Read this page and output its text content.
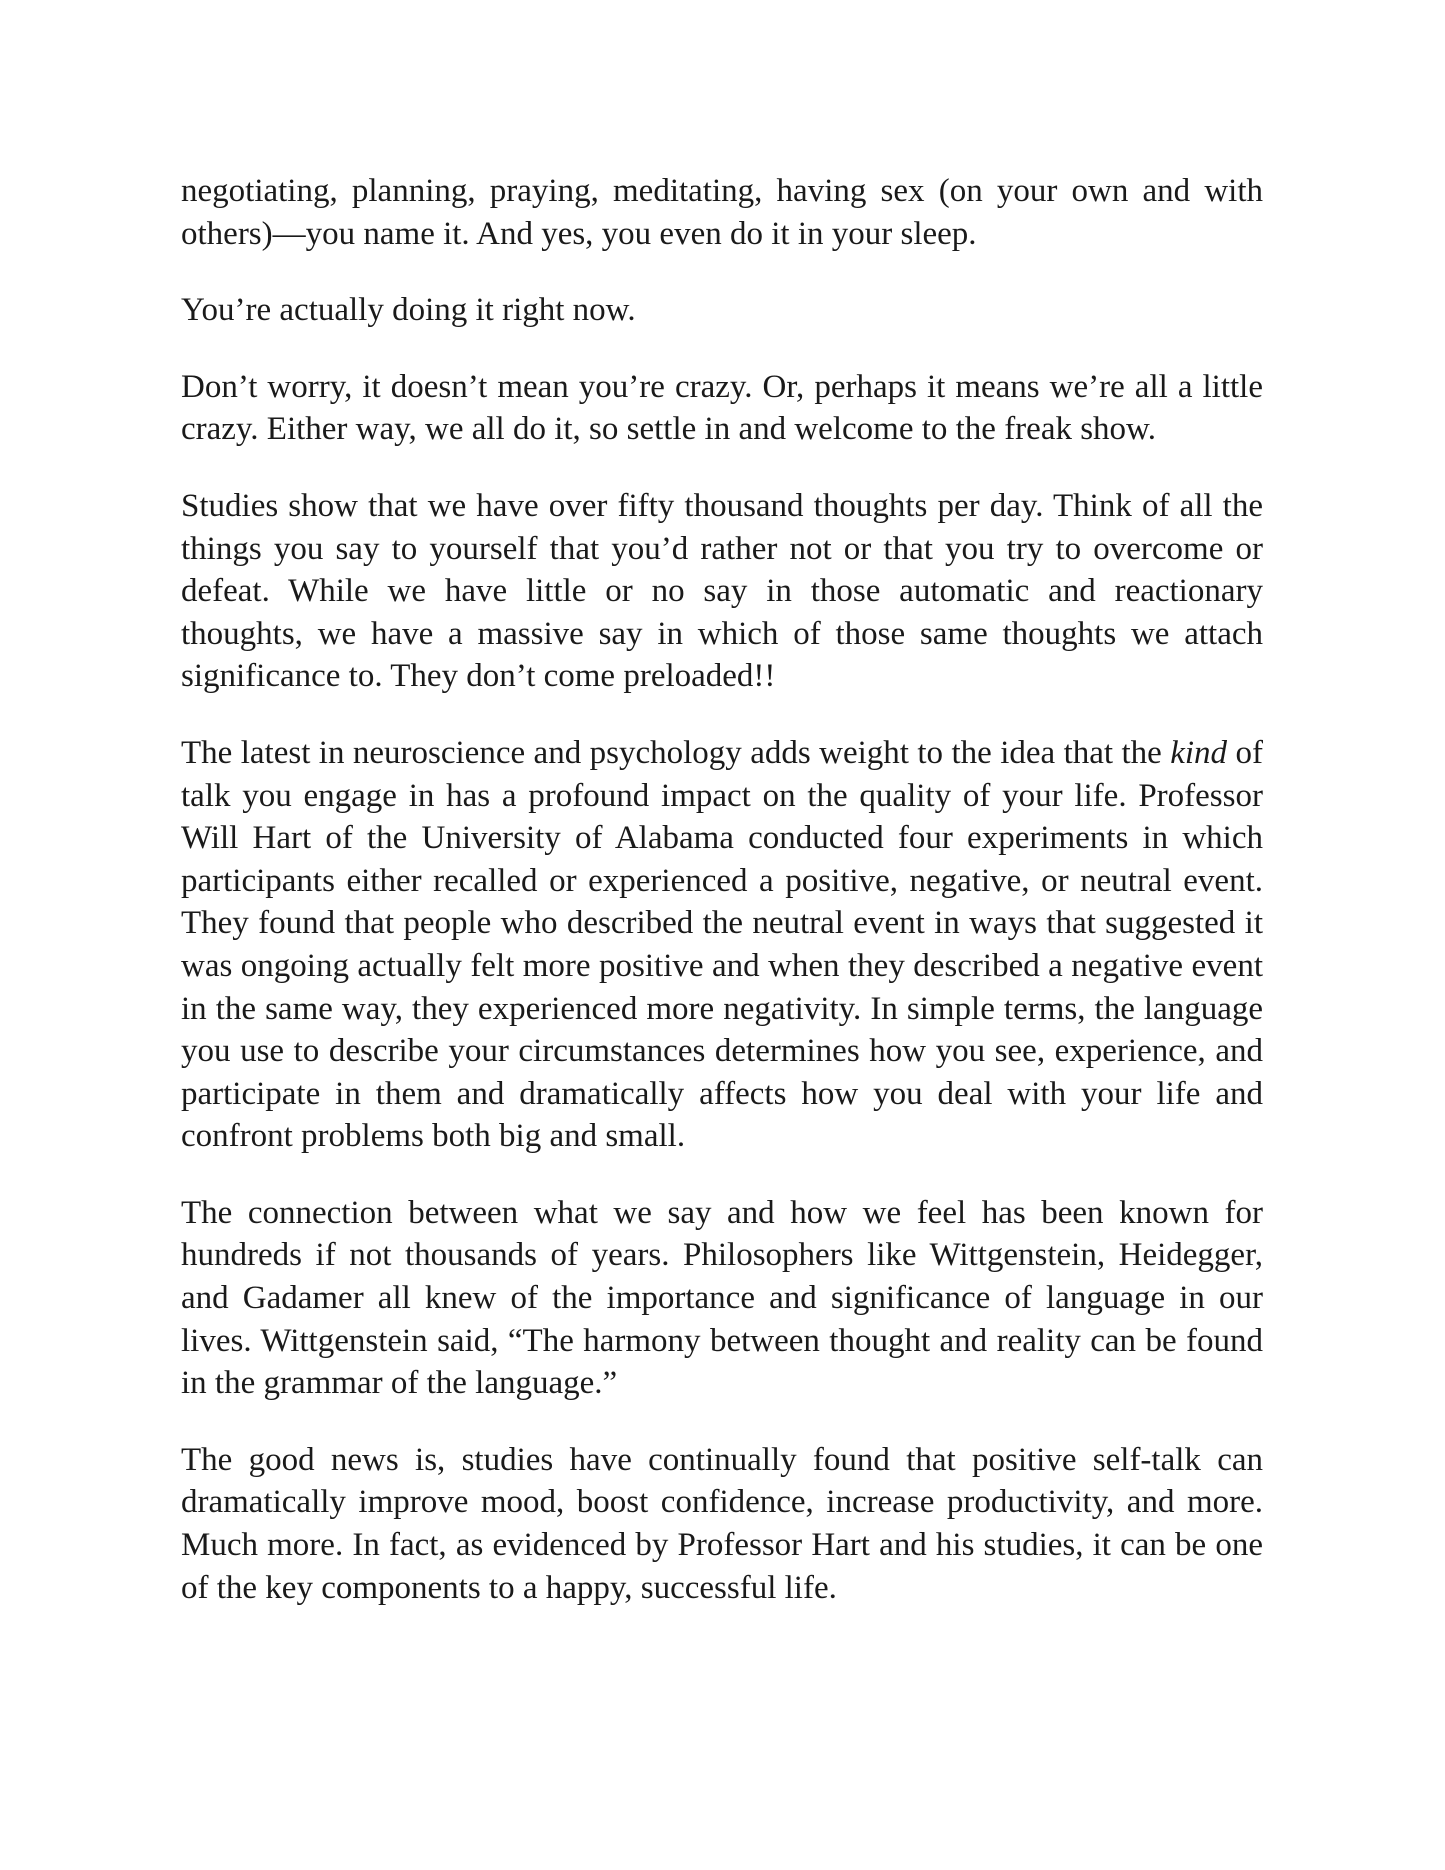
negotiating, planning, praying, meditating, having sex (on your own and with others)—you name it. And yes, you even do it in your sleep.

You’re actually doing it right now.

Don’t worry, it doesn’t mean you’re crazy. Or, perhaps it means we’re all a little crazy. Either way, we all do it, so settle in and welcome to the freak show.

Studies show that we have over fifty thousand thoughts per day. Think of all the things you say to yourself that you’d rather not or that you try to overcome or defeat. While we have little or no say in those automatic and reactionary thoughts, we have a massive say in which of those same thoughts we attach significance to. They don’t come preloaded!!

The latest in neuroscience and psychology adds weight to the idea that the kind of talk you engage in has a profound impact on the quality of your life. Professor Will Hart of the University of Alabama conducted four experiments in which participants either recalled or experienced a positive, negative, or neutral event. They found that people who described the neutral event in ways that suggested it was ongoing actually felt more positive and when they described a negative event in the same way, they experienced more negativity. In simple terms, the language you use to describe your circumstances determines how you see, experience, and participate in them and dramatically affects how you deal with your life and confront problems both big and small.

The connection between what we say and how we feel has been known for hundreds if not thousands of years. Philosophers like Wittgenstein, Heidegger, and Gadamer all knew of the importance and significance of language in our lives. Wittgenstein said, “The harmony between thought and reality can be found in the grammar of the language.”

The good news is, studies have continually found that positive self-talk can dramatically improve mood, boost confidence, increase productivity, and more. Much more. In fact, as evidenced by Professor Hart and his studies, it can be one of the key components to a happy, successful life.
